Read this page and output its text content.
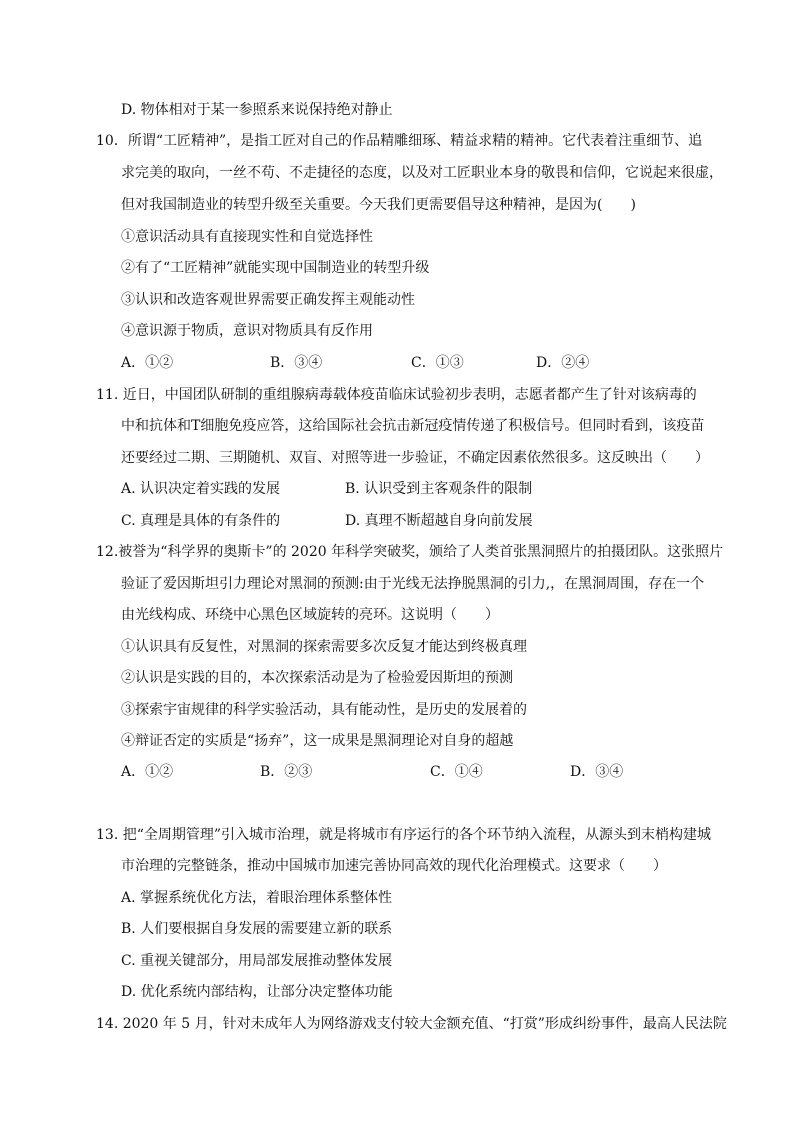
D. 物体相对于某一参照系来说保持绝对静止
10．所谓“工匠精神”，是指工匠对自己的作品精雕细琢、精益求精的精神。它代表着注重细节、追
求完美的取向，一丝不苟、不走捷径的态度，以及对工匠职业本身的敬畏和信仰，它说起来很虚，
但对我国制造业的转型升级至关重要。今天我们更需要倡导这种精神，是因为(　　)
①意识活动具有直接现实性和自觉选择性
②有了“工匠精神”就能实现中国制造业的转型升级
③认识和改造客观世界需要正确发挥主观能动性
④意识源于物质，意识对物质具有反作用
A．①②	B．③④	C．①③	D．②④
11. 近日，中国团队研制的重组腺病毒载体疫苗临床试验初步表明，志愿者都产生了针对该病毒的
中和抗体和T细胞免疫应答，这给国际社会抗击新冠疫情传递了积极信号。但同时看到，该疫苗
还要经过二期、三期随机、双盲、对照等进一步验证，不确定因素依然很多。这反映出（　　）
A. 认识决定着实践的发展	B. 认识受到主客观条件的限制
C. 真理是具体的有条件的	D. 真理不断超越自身向前发展
12.被誉为“科学界的奥斯卡”的 2020 年科学突破奖，颁给了人类首张黑洞照片的拍摄团队。这张照片
验证了爱因斯坦引力理论对黑洞的预测:由于光线无法挣脱黑洞的引力,，在黑洞周围，存在一个
由光线构成、环绕中心黑色区域旋转的亮环。这说明（　　）
①认识具有反复性，对黑洞的探索需要多次反复才能达到终极真理
②认识是实践的目的，本次探索活动是为了检验爱因斯坦的预测
③探索宇宙规律的科学实验活动，具有能动性，是历史的发展着的
④辩证否定的实质是“扬弃”，这一成果是黑洞理论对自身的超越
A．①②	B．②③	C．①④	D．③④
13. 把“全周期管理”引入城市治理，就是将城市有序运行的各个环节纳入流程，从源头到末梢构建城
市治理的完整链条，推动中国城市加速完善协同高效的现代化治理模式。这要求（　　）
A. 掌握系统优化方法，着眼治理体系整体性
B. 人们要根据自身发展的需要建立新的联系
C. 重视关键部分，用局部发展推动整体发展
D. 优化系统内部结构，让部分决定整体功能
14. 2020 年 5 月，针对未成年人为网络游戏支付较大金额充值、“打赏”形成纠纷事件，最高人民法院
